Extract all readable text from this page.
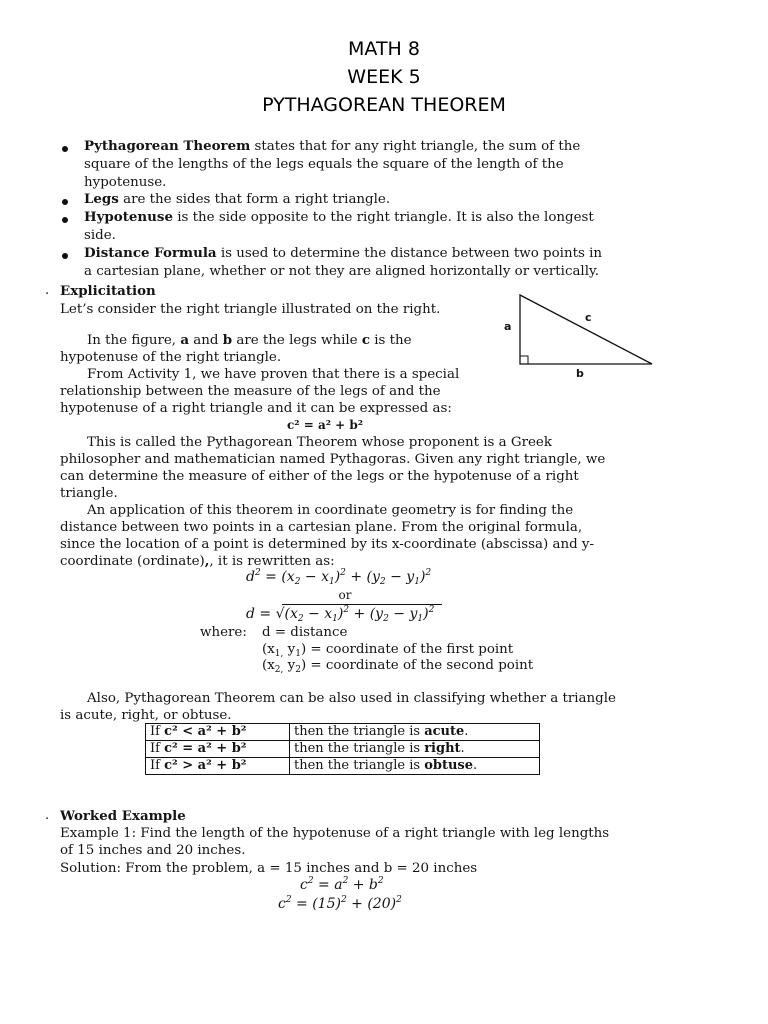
MATH 8
WEEK 5
PYTHAGOREAN THEOREM
Pythagorean Theorem states that for any right triangle, the sum of the
square of the lengths of the legs equals the square of the length of the
hypotenuse.
Legs are the sides that form a right triangle.
Hypotenuse is the side opposite to the right triangle. It is also the longest
side.
Distance Formula is used to determine the distance between two points in
a cartesian plane, whether or not they are aligned horizontally or vertically.
. Explicitation
Let’s consider the right triangle illustrated on the right.
In the figure, a and b are the legs while c is the
hypotenuse of the right triangle.
From Activity 1, we have proven that there is a special
relationship between the measure of the legs of and the
hypotenuse of a right triangle and it can be expressed as:
c² = a² + b²
a
c
b
This is called the Pythagorean Theorem whose proponent is a Greek
philosopher and mathematician named Pythagoras. Given any right triangle, we
can determine the measure of either of the legs or the hypotenuse of a right
triangle.
An application of this theorem in coordinate geometry is for finding the
distance between two points in a cartesian plane. From the original formula,
since the location of a point is determined by its x-coordinate (abscissa) and y-
coordinate (ordinate),, it is rewritten as:
$d^2 = (x_2 - x_1)^2 + (y_2 - y_1)^2$
or
$d = √(x_2 - x_1)^2 + (y_2 - y_1)^2$
where: d = distance
($x_{1,}$ $y_1$) = coordinate of the first point
($x_{2,}$ $y_2$) = coordinate of the second point
Also, Pythagorean Theorem can be also used in classifying whether a triangle
is acute, right, or obtuse.
If c² < a² + b²	then the triangle is acute.
If c² = a² + b²	then the triangle is right.
If c² > a² + b²	then the triangle is obtuse.
. Worked Example
Example 1: Find the length of the hypotenuse of a right triangle with leg lengths
of 15 inches and 20 inches.
Solution: From the problem, a = 15 inches and b = 20 inches
$c^2 = a^2 + b^2$
$c^2 = (15)^2 + (20)^2$
